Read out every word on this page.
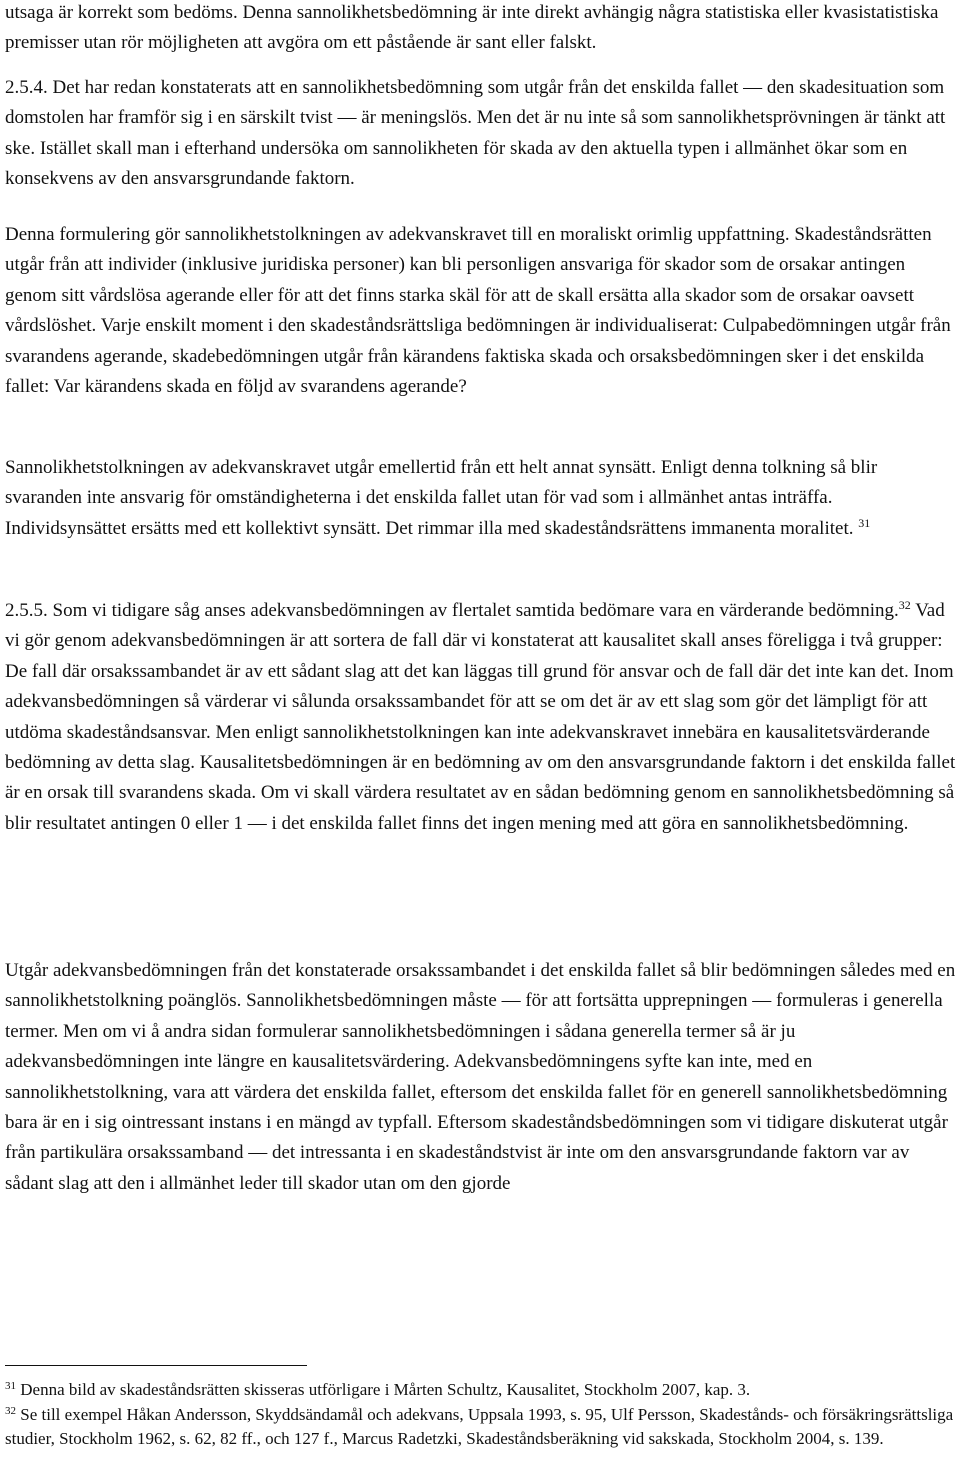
utsaga är korrekt som bedöms. Denna sannolikhetsbedömning är inte direkt avhängig några statistiska eller kvasistatistiska premisser utan rör möjligheten att avgöra om ett påstående är sant eller falskt.

2.5.4. Det har redan konstaterats att en sannolikhetsbedömning som utgår från det enskilda fallet — den skadesituation som domstolen har framför sig i en särskilt tvist — är meningslös. Men det är nu inte så som sannolikhetsprövningen är tänkt att ske. Istället skall man i efterhand undersöka om sannolikheten för skada av den aktuella typen i allmänhet ökar som en konsekvens av den ansvarsgrundande faktorn.

Denna formulering gör sannolikhetstolkningen av adekvanskravet till en moraliskt orimlig uppfattning. Skadeståndsrätten utgår från att individer (inklusive juridiska personer) kan bli personligen ansvariga för skador som de orsakar antingen genom sitt vårdslösa agerande eller för att det finns starka skäl för att de skall ersätta alla skador som de orsakar oavsett vårdslöshet. Varje enskilt moment i den skadeståndsrättsliga bedömningen är individualiserat: Culpabedömningen utgår från svarandens agerande, skadebedömningen utgår från kärandens faktiska skada och orsaksbedömningen sker i det enskilda fallet: Var kärandens skada en följd av svarandens agerande?

Sannolikhetstolkningen av adekvanskravet utgår emellertid från ett helt annat synsätt. Enligt denna tolkning så blir svaranden inte ansvarig för omständigheterna i det enskilda fallet utan för vad som i allmänhet antas inträffa. Individsynsättet ersätts med ett kollektivt synsätt. Det rimmar illa med skadeståndsrättens immanenta moralitet. $^{31}$

2.5.5. Som vi tidigare såg anses adekvansbedömningen av flertalet samtida bedömare vara en värderande bedömning.$^{32}$ Vad vi gör genom adekvansbedömningen är att sortera de fall där vi konstaterat att kausalitet skall anses föreligga i två grupper: De fall där orsakssambandet är av ett sådant slag att det kan läggas till grund för ansvar och de fall där det inte kan det. Inom adekvansbedömningen så värderar vi sålunda orsakssambandet för att se om det är av ett slag som gör det lämpligt för att utdöma skadeståndsansvar. Men enligt sannolikhetstolkningen kan inte adekvanskravet innebära en kausalitetsvärderande bedömning av detta slag. Kausalitetsbedömningen är en bedömning av om den ansvarsgrundande faktorn i det enskilda fallet är en orsak till svarandens skada. Om vi skall värdera resultatet av en sådan bedömning genom en sannolikhetsbedömning så blir resultatet antingen 0 eller 1 — i det enskilda fallet finns det ingen mening med att göra en sannolikhetsbedömning.

Utgår adekvansbedömningen från det konstaterade orsakssambandet i det enskilda fallet så blir bedömningen således med en sannolikhetstolkning poänglös. Sannolikhetsbedömningen måste — för att fortsätta upprepningen — formuleras i generella termer. Men om vi å andra sidan formulerar sannolikhetsbedömningen i sådana generella termer så är ju adekvansbedömningen inte längre en kausalitetsvärdering. Adekvansbedömningens syfte kan inte, med en sannolikhetstolkning, vara att värdera det enskilda fallet, eftersom det enskilda fallet för en generell sannolikhetsbedömning bara är en i sig ointressant instans i en mängd av typfall. Eftersom skadeståndsbedömningen som vi tidigare diskuterat utgår från partikulära orsakssamband — det intressanta i en skadeståndstvist är inte om den ansvarsgrundande faktorn var av sådant slag att den i allmänhet leder till skador utan om den gjorde

$^{31}$ Denna bild av skadeståndsrätten skisseras utförligare i Mårten Schultz, Kausalitet, Stockholm 2007, kap. 3.

$^{32}$ Se till exempel Håkan Andersson, Skyddsändamål och adekvans, Uppsala 1993, s. 95, Ulf Persson, Skadestånds- och försäkringsrättsliga studier, Stockholm 1962, s. 62, 82 ff., och 127 f., Marcus Radetzki, Skadeståndsberäkning vid sakskada, Stockholm 2004, s. 139.
